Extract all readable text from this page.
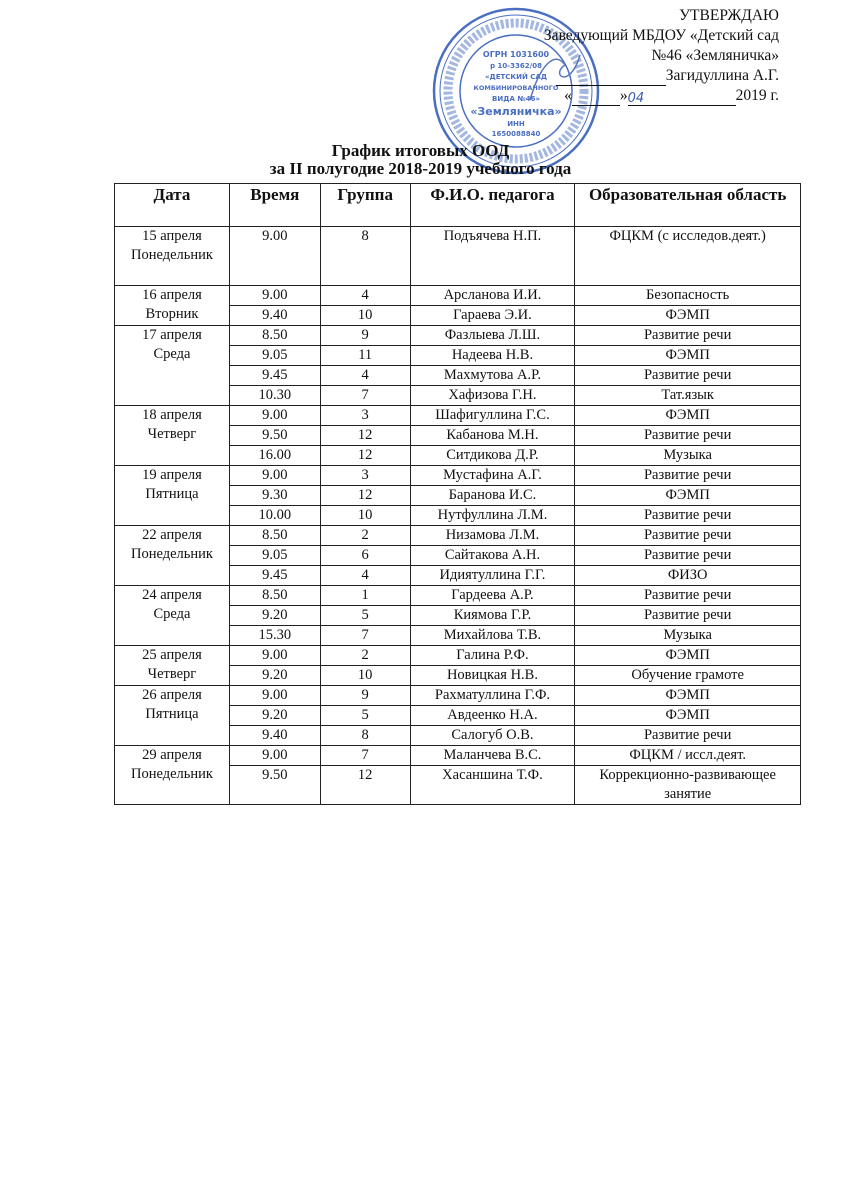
ОГРН 1031600
р 10-3362/08
«ДЕТСКИЙ САД
КОМБИНИРОВАННОГО
ВИДА №46»
«Земляничка»
ИНН
1650088840
УТВЕРЖДАЮ
Заведующий МБДОУ «Детский сад
№46 «Земляничка»
Загидуллина А.Г.
«	»04	2019 г.
График итоговых ООД
за II полугодие 2018-2019 учебного года
Дата	Время	Группа	Ф.И.О. педагога	Образовательная область

15 апреля
Понедельник	9.00	8	Подъячева Н.П.	ФЦКМ (с исследов.деят.)

16 апреля
Вторник	9.00	4	Арсланова И.И.	Безопасность
	9.40	10	Гараева Э.И.	ФЭМП

17 апреля
Среда	8.50	9	Фазлыева Л.Ш.	Развитие речи
	9.05	11	Надеева Н.В.	ФЭМП
	9.45	4	Махмутова А.Р.	Развитие речи
	10.30	7	Хафизова Г.Н.	Тат.язык

18 апреля
Четверг	9.00	3	Шафигуллина Г.С.	ФЭМП
	9.50	12	Кабанова М.Н.	Развитие речи
	16.00	12	Ситдикова Д.Р.	Музыка

19 апреля
Пятница	9.00	3	Мустафина А.Г.	Развитие речи
	9.30	12	Баранова И.С.	ФЭМП
	10.00	10	Нутфуллина Л.М.	Развитие речи

22 апреля
Понедельник	8.50	2	Низамова Л.М.	Развитие речи
	9.05	6	Сайтакова А.Н.	Развитие речи
	9.45	4	Идиятуллина Г.Г.	ФИЗО

24 апреля
Среда	8.50	1	Гардеева А.Р.	Развитие речи
	9.20	5	Киямова Г.Р.	Развитие речи
	15.30	7	Михайлова Т.В.	Музыка

25 апреля
Четверг	9.00	2	Галина Р.Ф.	ФЭМП
	9.20	10	Новицкая Н.В.	Обучение грамоте

26 апреля
Пятница	9.00	9	Рахматуллина Г.Ф.	ФЭМП
	9.20	5	Авдеенко Н.А.	ФЭМП
	9.40	8	Салогуб О.В.	Развитие речи

29 апреля
Понедельник	9.00	7	Маланчева В.С.	ФЦКМ / иссл.деят.
	9.50	12	Хасаншина Т.Ф.	Коррекционно-развивающее занятие
